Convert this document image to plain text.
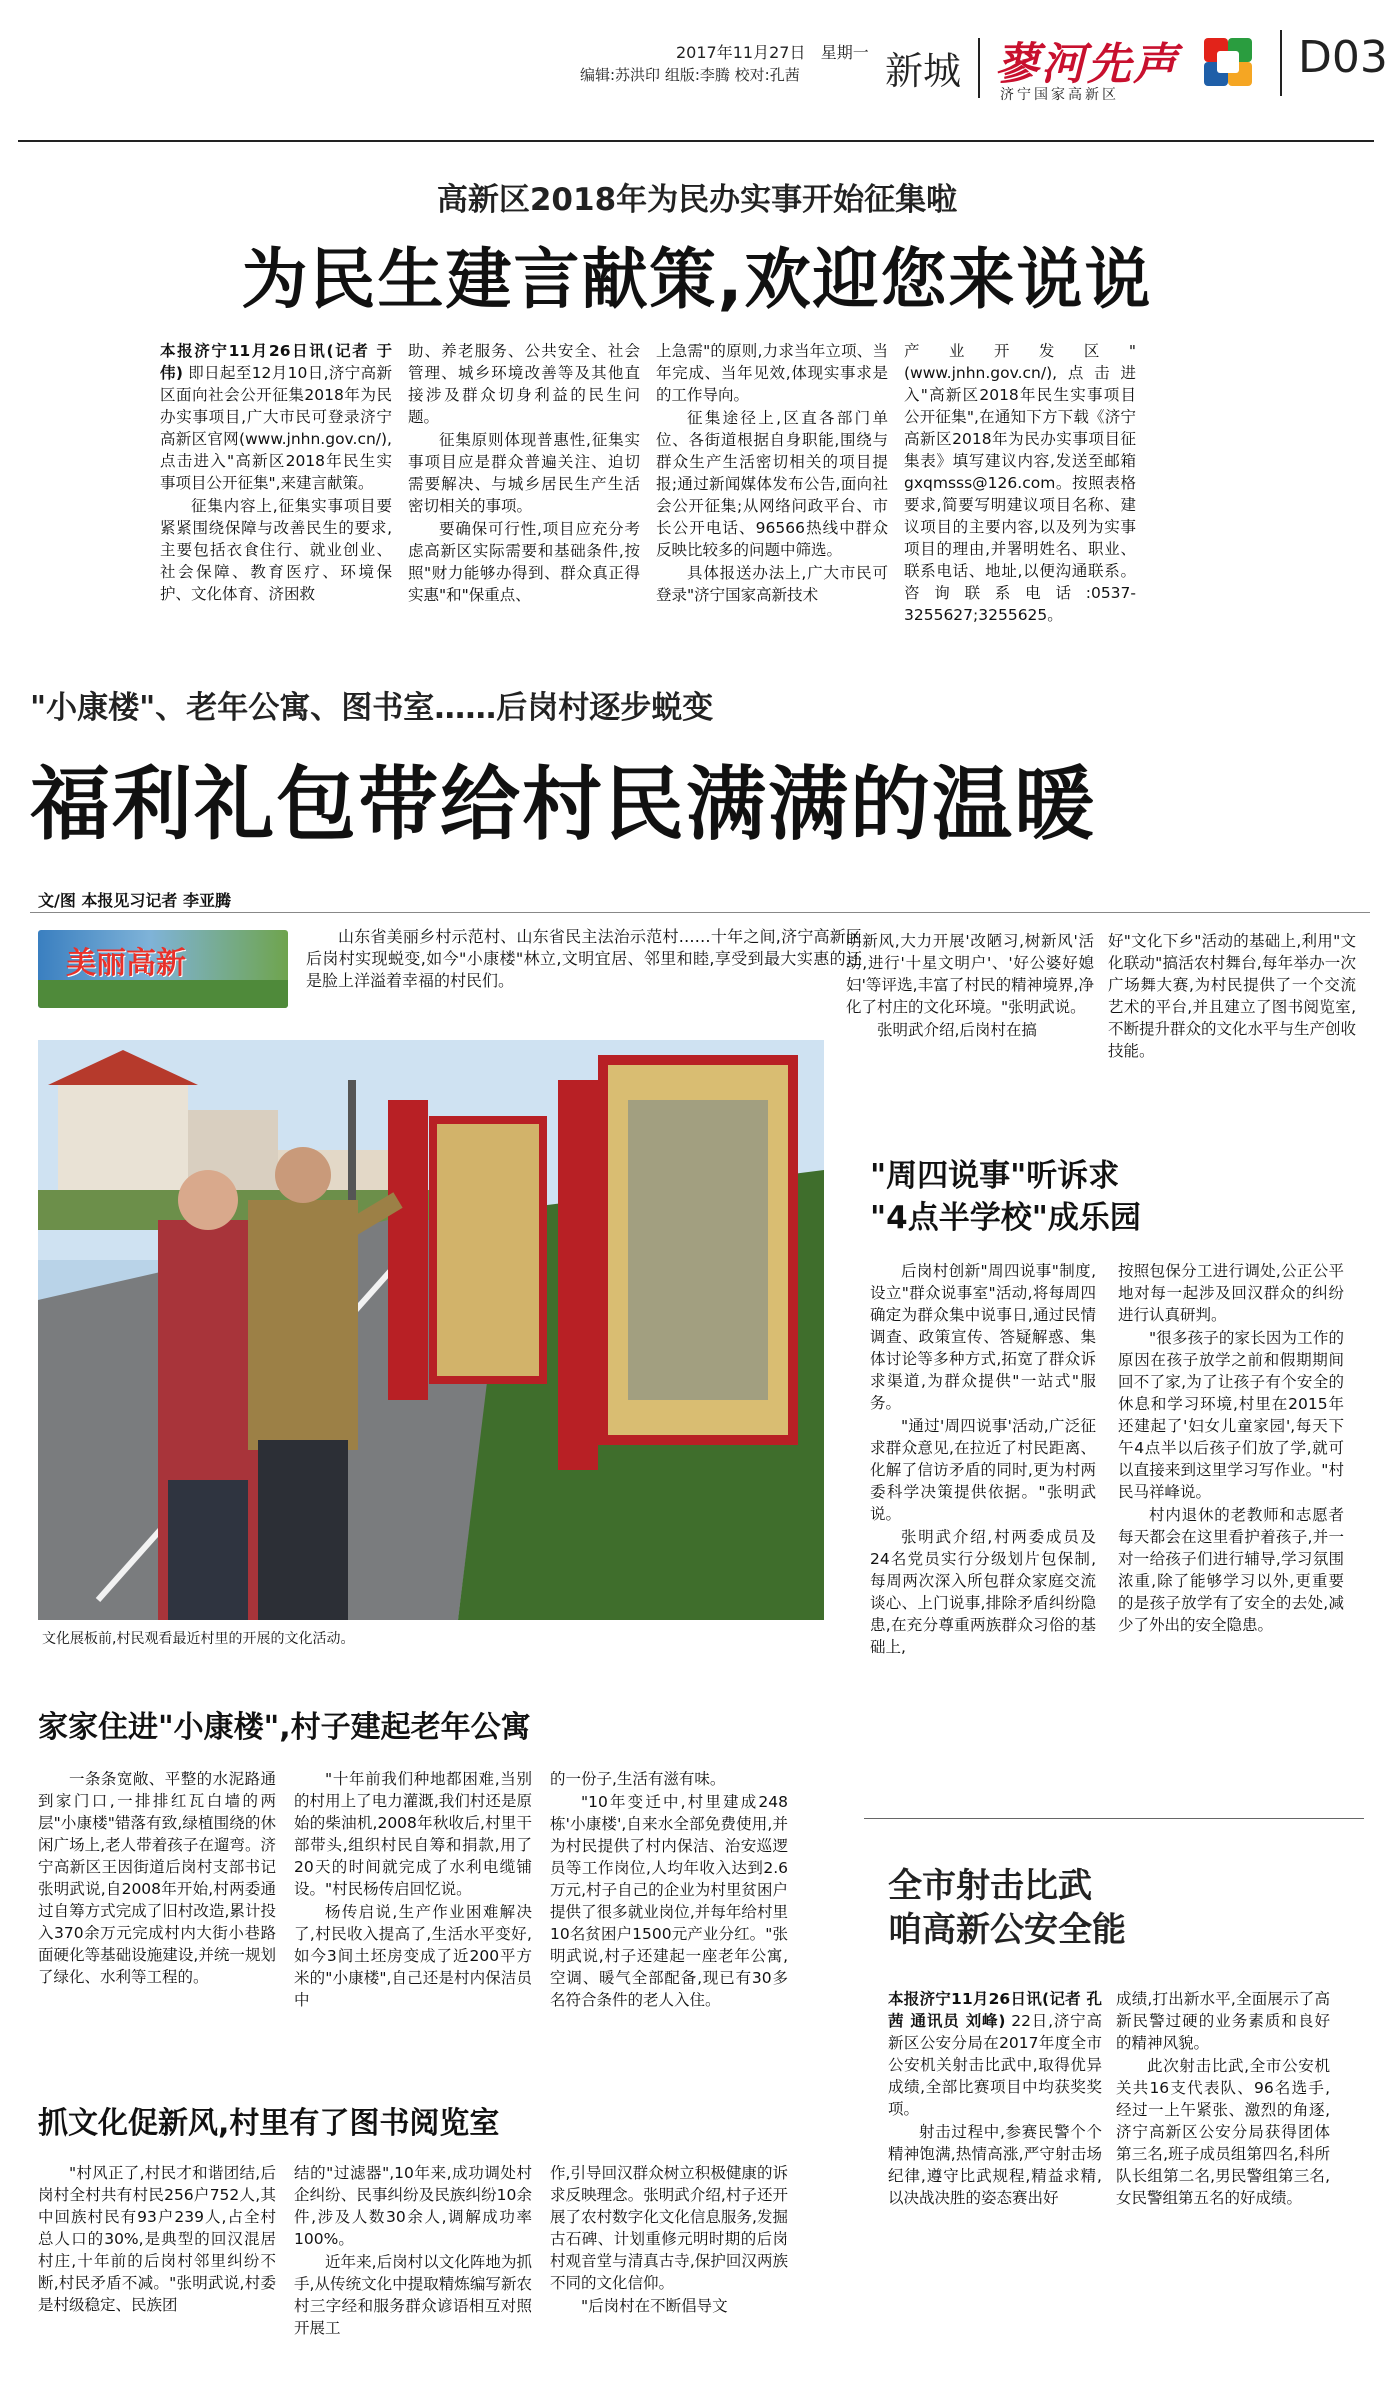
2017年11月27日 星期一
编辑:苏洪印 组版:李腾 校对:孔茜 新城 蓼河先声
济宁国家高新区
D03
高新区2018年为民办实事开始征集啦
为民生建言献策,欢迎您来说说

本报济宁11月26日讯(记者 于伟) 即日起至12月10日,济宁高新区面向社会公开征集2018年为民办实事项目,广大市民可登录济宁高新区官网(www.jnhn.gov.cn/),点击进入"高新区2018年民生实事项目公开征集",来建言献策。

征集内容上,征集实事项目要紧紧围绕保障与改善民生的要求,主要包括衣食住行、就业创业、社会保障、教育医疗、环境保护、文化体育、济困救

助、养老服务、公共安全、社会管理、城乡环境改善等及其他直接涉及群众切身利益的民生问题。

征集原则体现普惠性,征集实事项目应是群众普遍关注、迫切需要解决、与城乡居民生产生活密切相关的事项。

要确保可行性,项目应充分考虑高新区实际需要和基础条件,按照"财力能够办得到、群众真正得实惠"和"保重点、

上急需"的原则,力求当年立项、当年完成、当年见效,体现实事求是的工作导向。

征集途径上,区直各部门单位、各街道根据自身职能,围绕与群众生产生活密切相关的项目提报;通过新闻媒体发布公告,面向社会公开征集;从网络问政平台、市长公开电话、96566热线中群众反映比较多的问题中筛选。

具体报送办法上,广大市民可登录"济宁国家高新技术

产业开发区"(www.jnhn.gov.cn/),点击进入"高新区2018年民生实事项目公开征集",在通知下方下载《济宁高新区2018年为民办实事项目征集表》填写建议内容,发送至邮箱gxqmsss@126.com。按照表格要求,简要写明建议项目名称、建议项目的主要内容,以及列为实事项目的理由,并署明姓名、职业、联系电话、地址,以便沟通联系。咨询联系电话:0537-3255627;3255625。

"小康楼"、老年公寓、图书室……后岗村逐步蜕变
福利礼包带给村民满满的温暖
文/图 本报见习记者 李亚腾
美丽高新

山东省美丽乡村示范村、山东省民主法治示范村……十年之间,济宁高新区后岗村实现蜕变,如今"小康楼"林立,文明宜居、邻里和睦,享受到最大实惠的还是脸上洋溢着幸福的村民们。

文化展板前,村民观看最近村里的开展的文化活动。

明新风,大力开展'改陋习,树新风'活动,进行'十星文明户'、'好公婆好媳妇'等评选,丰富了村民的精神境界,净化了村庄的文化环境。"张明武说。

张明武介绍,后岗村在搞

好"文化下乡"活动的基础上,利用"文化联动"搞活农村舞台,每年举办一次广场舞大赛,为村民提供了一个交流艺术的平台,并且建立了图书阅览室,不断提升群众的文化水平与生产创收技能。

"周四说事"听诉求
"4点半学校"成乐园

后岗村创新"周四说事"制度,设立"群众说事室"活动,将每周四确定为群众集中说事日,通过民情调查、政策宣传、答疑解惑、集体讨论等多种方式,拓宽了群众诉求渠道,为群众提供"一站式"服务。

"通过'周四说事'活动,广泛征求群众意见,在拉近了村民距离、化解了信访矛盾的同时,更为村两委科学决策提供依据。"张明武说。

张明武介绍,村两委成员及24名党员实行分级划片包保制,每周两次深入所包群众家庭交流谈心、上门说事,排除矛盾纠纷隐患,在充分尊重两族群众习俗的基础上,

按照包保分工进行调处,公正公平地对每一起涉及回汉群众的纠纷进行认真研判。

"很多孩子的家长因为工作的原因在孩子放学之前和假期期间回不了家,为了让孩子有个安全的休息和学习环境,村里在2015年还建起了'妇女儿童家园',每天下午4点半以后孩子们放了学,就可以直接来到这里学习写作业。"村民马祥峰说。

村内退休的老教师和志愿者每天都会在这里看护着孩子,并一对一给孩子们进行辅导,学习氛围浓重,除了能够学习以外,更重要的是孩子放学有了安全的去处,减少了外出的安全隐患。

家家住进"小康楼",村子建起老年公寓

一条条宽敞、平整的水泥路通到家门口,一排排红瓦白墙的两层"小康楼"错落有致,绿植围绕的休闲广场上,老人带着孩子在遛弯。济宁高新区王因街道后岗村支部书记张明武说,自2008年开始,村两委通过自筹方式完成了旧村改造,累计投入370余万元完成村内大街小巷路面硬化等基础设施建设,并统一规划了绿化、水利等工程的。

"十年前我们种地都困难,当别的村用上了电力灌溉,我们村还是原始的柴油机,2008年秋收后,村里干部带头,组织村民自筹和捐款,用了20天的时间就完成了水利电缆铺设。"村民杨传启回忆说。

杨传启说,生产作业困难解决了,村民收入提高了,生活水平变好,如今3间土坯房变成了近200平方米的"小康楼",自己还是村内保洁员中

的一份子,生活有滋有味。

"10年变迁中,村里建成248栋'小康楼',自来水全部免费使用,并为村民提供了村内保洁、治安巡逻员等工作岗位,人均年收入达到2.6万元,村子自己的企业为村里贫困户提供了很多就业岗位,并每年给村里10名贫困户1500元产业分红。"张明武说,村子还建起一座老年公寓,空调、暖气全部配备,现已有30多名符合条件的老人入住。

抓文化促新风,村里有了图书阅览室

"村风正了,村民才和谐团结,后岗村全村共有村民256户752人,其中回族村民有93户239人,占全村总人口的30%,是典型的回汉混居村庄,十年前的后岗村邻里纠纷不断,村民矛盾不减。"张明武说,村委是村级稳定、民族团

结的"过滤器",10年来,成功调处村企纠纷、民事纠纷及民族纠纷10余件,涉及人数30余人,调解成功率100%。

近年来,后岗村以文化阵地为抓手,从传统文化中提取精炼编写新农村三字经和服务群众谚语相互对照开展工

作,引导回汉群众树立积极健康的诉求反映理念。张明武介绍,村子还开展了农村数字化文化信息服务,发掘古石碑、计划重修元明时期的后岗村观音堂与清真古寺,保护回汉两族不同的文化信仰。

"后岗村在不断倡导文

全市射击比武
咱高新公安全能

本报济宁11月26日讯(记者 孔茜 通讯员 刘峰) 22日,济宁高新区公安分局在2017年度全市公安机关射击比武中,取得优异成绩,全部比赛项目中均获奖奖项。

射击过程中,参赛民警个个精神饱满,热情高涨,严守射击场纪律,遵守比武规程,精益求精,以决战决胜的姿态赛出好

成绩,打出新水平,全面展示了高新民警过硬的业务素质和良好的精神风貌。

此次射击比武,全市公安机关共16支代表队、96名选手,经过一上午紧张、激烈的角逐,济宁高新区公安分局获得团体第三名,班子成员组第四名,科所队长组第二名,男民警组第三名,女民警组第五名的好成绩。
